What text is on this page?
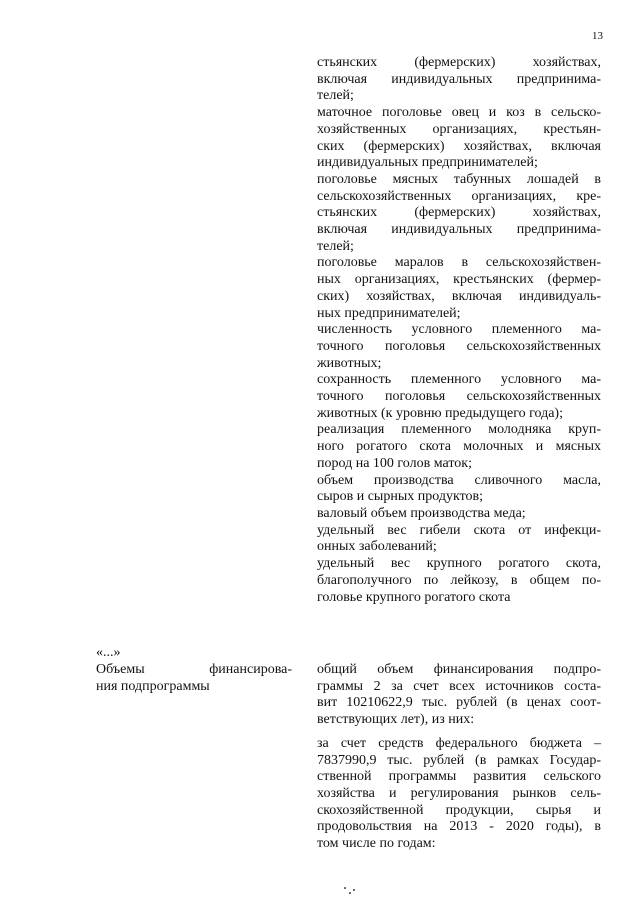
13
стьянских (фермерских) хозяйствах,
включая индивидуальных предпринима-
телей;
маточное поголовье овец и коз в сельско-
хозяйственных организациях, крестьян-
ских (фермерских) хозяйствах, включая
индивидуальных предпринимателей;
поголовье мясных табунных лошадей в
сельскохозяйственных организациях, кре-
стьянских (фермерских) хозяйствах,
включая индивидуальных предпринима-
телей;
поголовье маралов в сельскохозяйствен-
ных организациях, крестьянских (фермер-
ских) хозяйствах, включая индивидуаль-
ных предпринимателей;
численность условного племенного ма-
точного поголовья сельскохозяйственных
животных;
сохранность племенного условного ма-
точного поголовья сельскохозяйственных
животных (к уровню предыдущего года);
реализация племенного молодняка круп-
ного рогатого скота молочных и мясных
пород на 100 голов маток;
объем производства сливочного масла,
сыров и сырных продуктов;
валовый объем производства меда;
удельный вес гибели скота от инфекци-
онных заболеваний;
удельный вес крупного рогатого скота,
благополучного по лейкозу, в общем по-
головье крупного рогатого скота
«...»
Объемы финансирова-
ния подпрограммы
общий объем финансирования подпро-
граммы 2 за счет всех источников соста-
вит 10210622,9 тыс. рублей (в ценах соот-
ветствующих лет), из них:
за счет средств федерального бюджета –
7837990,9 тыс. рублей (в рамках Государ-
ственной программы развития сельского
хозяйства и регулирования рынков сель-
скохозяйственной продукции, сырья и
продовольствия на 2013 - 2020 годы), в
том числе по годам:
